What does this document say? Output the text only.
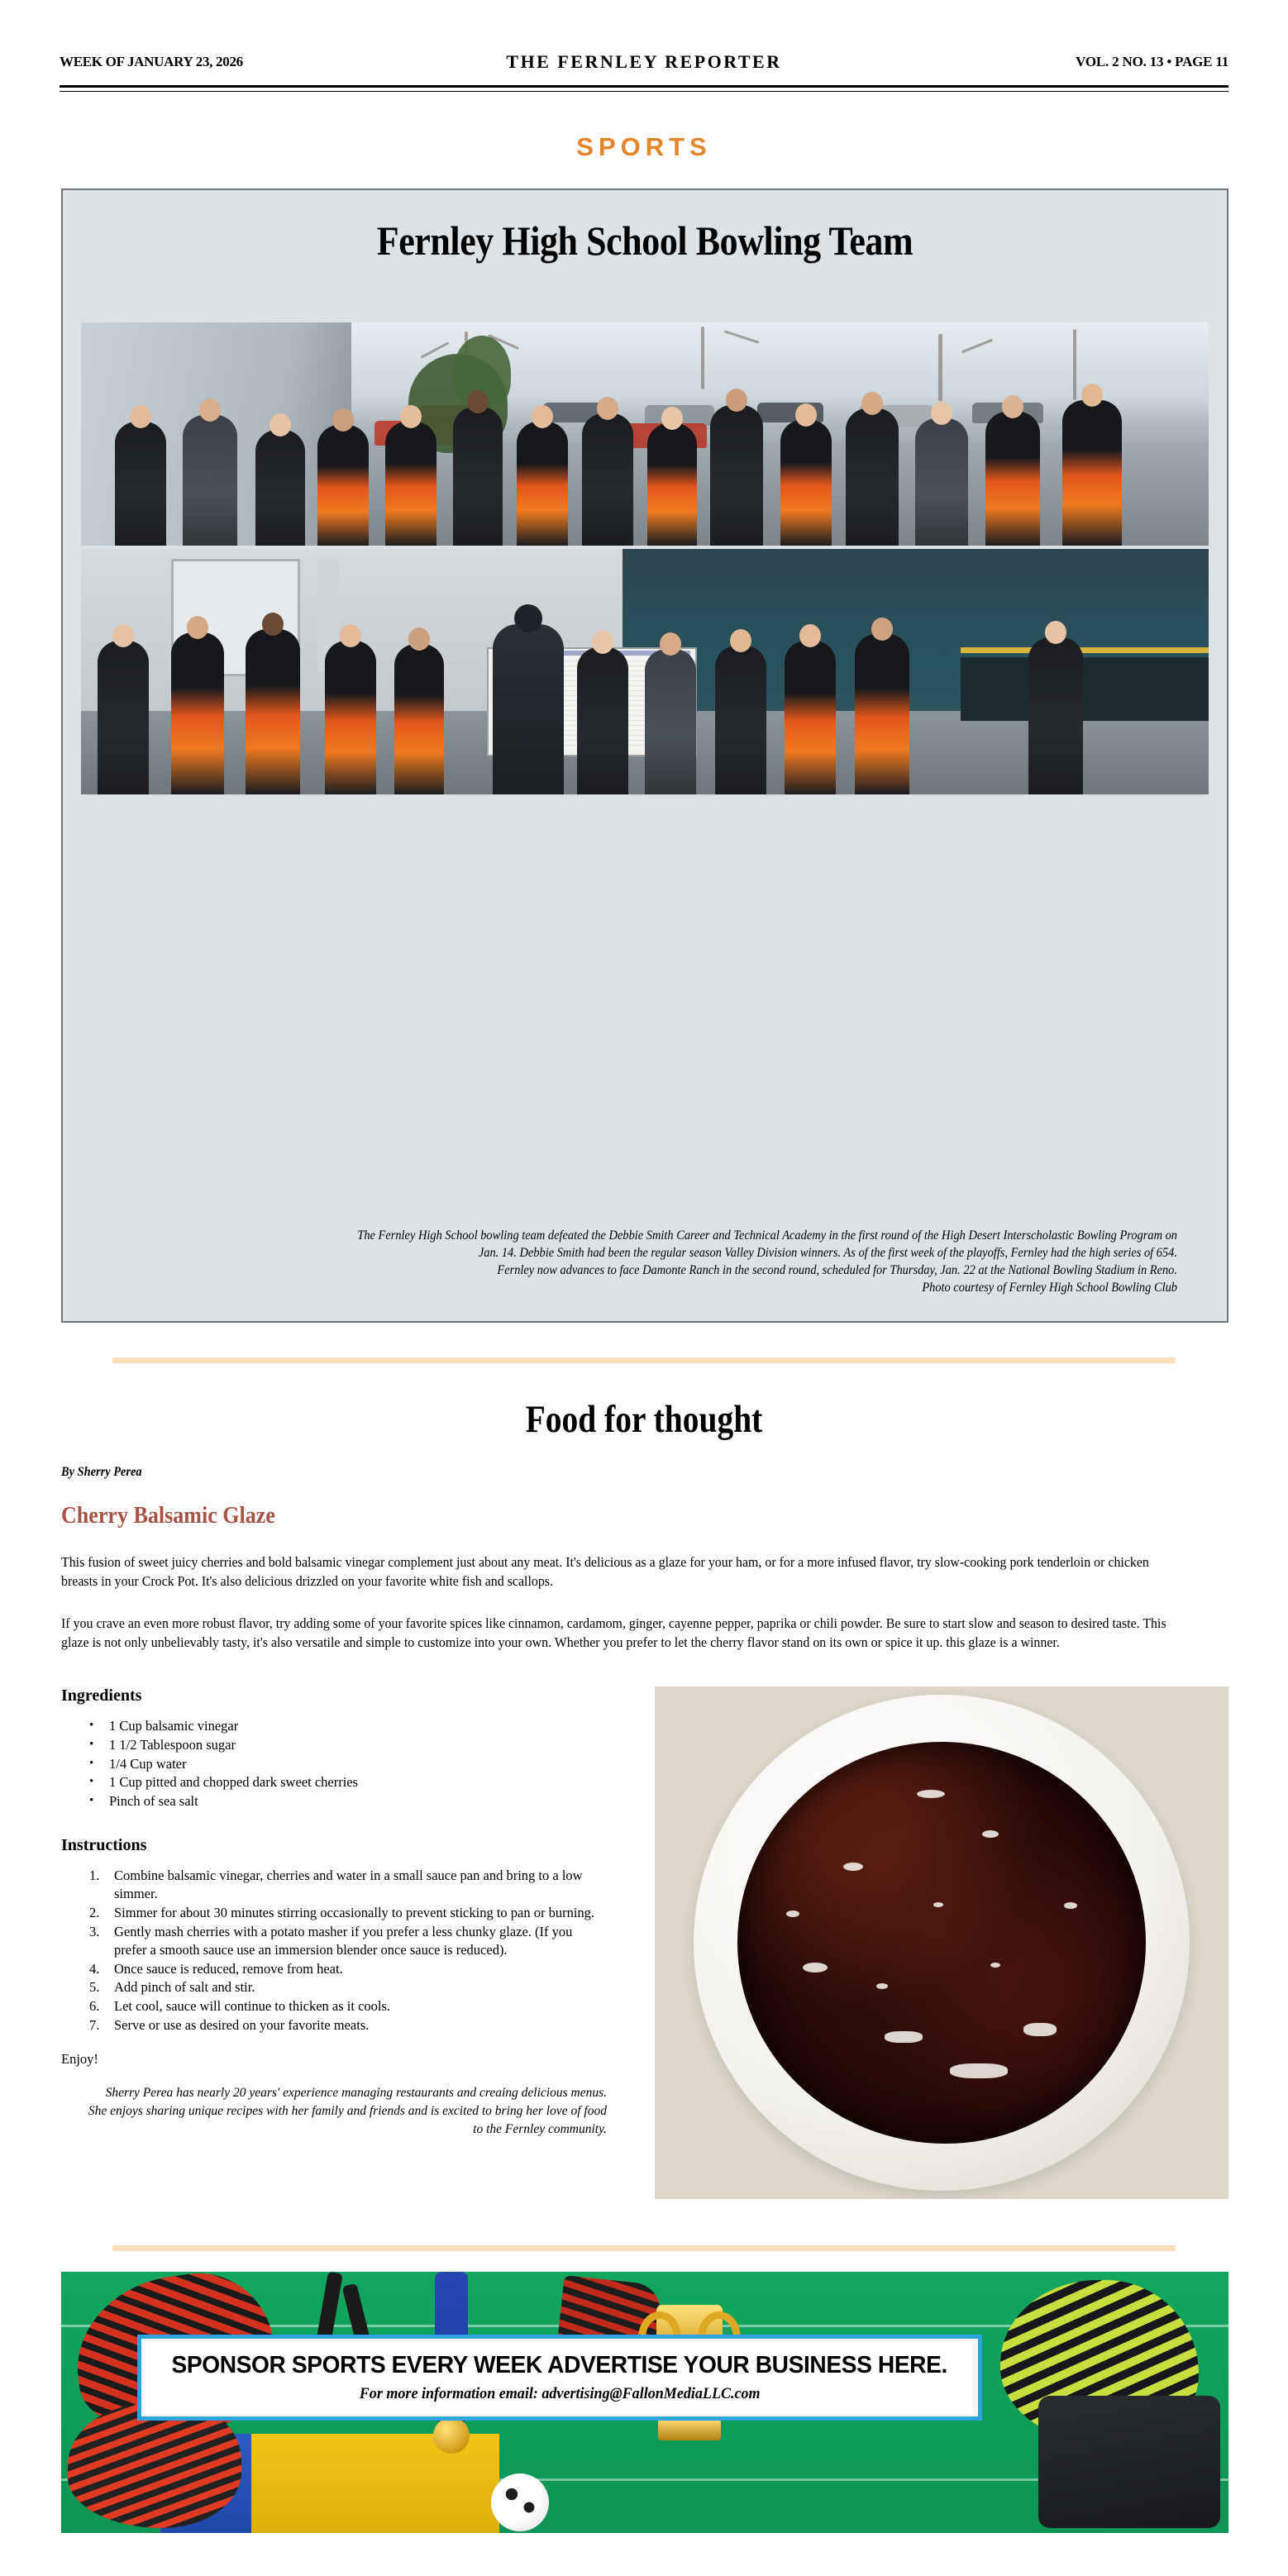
WEEK OF JANUARY 23, 2026	THE FERNLEY REPORTER	VOL. 2 NO. 13 • PAGE 11
SPORTS
Fernley High School Bowling Team
The Fernley High School bowling team defeated the Debbie Smith Career and Technical Academy in the first round of the High Desert Interscholastic Bowling Program on
Jan. 14. Debbie Smith had been the regular season Valley Division winners. As of the first week of the playoffs, Fernley had the high series of 654.
Fernley now advances to face Damonte Ranch in the second round, scheduled for Thursday, Jan. 22 at the National Bowling Stadium in Reno.
Photo courtesy of Fernley High School Bowling Club
Food for thought
By Sherry Perea
Cherry Balsamic Glaze
This fusion of sweet juicy cherries and bold balsamic vinegar complement just about any meat. It's delicious as a glaze for your ham, or for a more infused flavor, try slow-cooking pork tenderloin or chicken breasts in your Crock Pot. It's also delicious drizzled on your favorite white fish and scallops.
If you crave an even more robust flavor, try adding some of your favorite spices like cinnamon, cardamom, ginger, cayenne pepper, paprika or chili powder. Be sure to start slow and season to desired taste. This glaze is not only unbelievably tasty, it's also versatile and simple to customize into your own. Whether you prefer to let the cherry flavor stand on its own or spice it up. this glaze is a winner.
Ingredients
• 1 Cup balsamic vinegar
• 1 1/2 Tablespoon sugar
• 1/4 Cup water
• 1 Cup pitted and chopped dark sweet cherries
• Pinch of sea salt
Instructions
Combine balsamic vinegar, cherries and water in a small sauce pan and bring to a low simmer.
Simmer for about 30 minutes stirring occasionally to prevent sticking to pan or burning.
Gently mash cherries with a potato masher if you prefer a less chunky glaze. (If you prefer a smooth sauce use an immersion blender once sauce is reduced).
Once sauce is reduced, remove from heat.
Add pinch of salt and stir.
Let cool, sauce will continue to thicken as it cools.
Serve or use as desired on your favorite meats.
Enjoy!
Sherry Perea has nearly 20 years' experience managing restaurants and creaing delicious menus. She enjoys sharing unique recipes with her family and friends and is excited to bring her love of food to the Fernley community.
SPONSOR SPORTS EVERY WEEK ADVERTISE YOUR BUSINESS HERE.
For more information email: advertising@FallonMediaLLC.com
